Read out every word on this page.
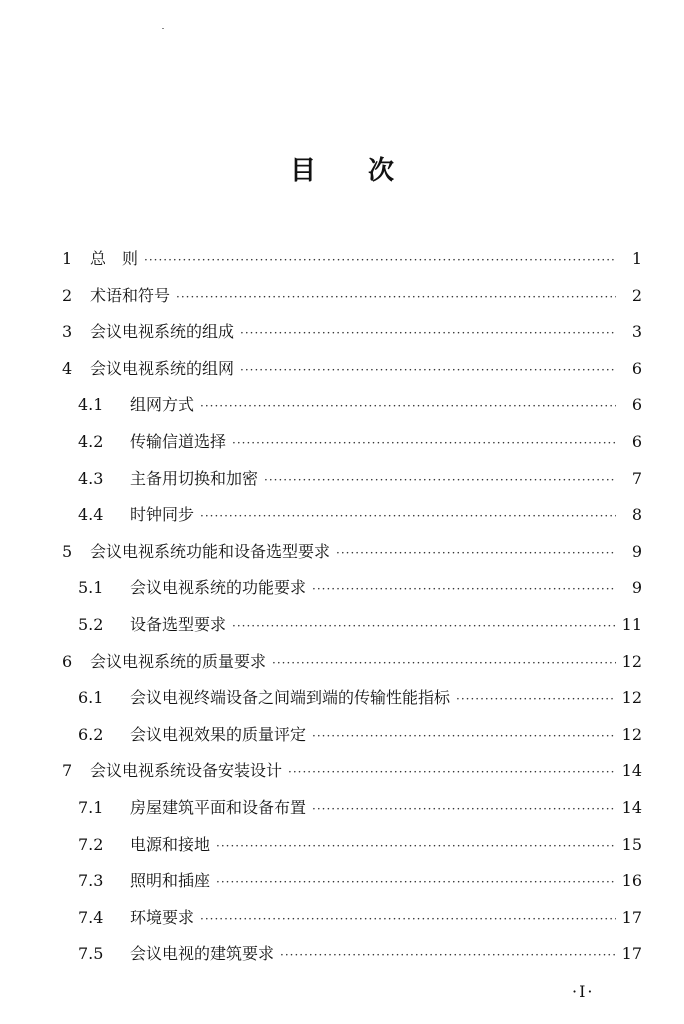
目次
1	总　则 ·····	1
2	术语和符号 ·····	2
3	会议电视系统的组成 ·····	3
4	会议电视系统的组网 ·····	6
4.1	组网方式 ·····	6
4.2	传输信道选择 ·····	6
4.3	主备用切换和加密 ·····	7
4.4	时钟同步 ·····	8
5	会议电视系统功能和设备选型要求 ·····	9
5.1	会议电视系统的功能要求 ·····	9
5.2	设备选型要求 ·····	11
6	会议电视系统的质量要求 ·····	12
6.1	会议电视终端设备之间端到端的传输性能指标 ·····	12
6.2	会议电视效果的质量评定 ·····	12
7	会议电视系统设备安装设计 ·····	14
7.1	房屋建筑平面和设备布置 ·····	14
7.2	电源和接地 ·····	15
7.3	照明和插座 ·····	16
7.4	环境要求 ·····	17
7.5	会议电视的建筑要求 ·····	17
·Ⅰ·
